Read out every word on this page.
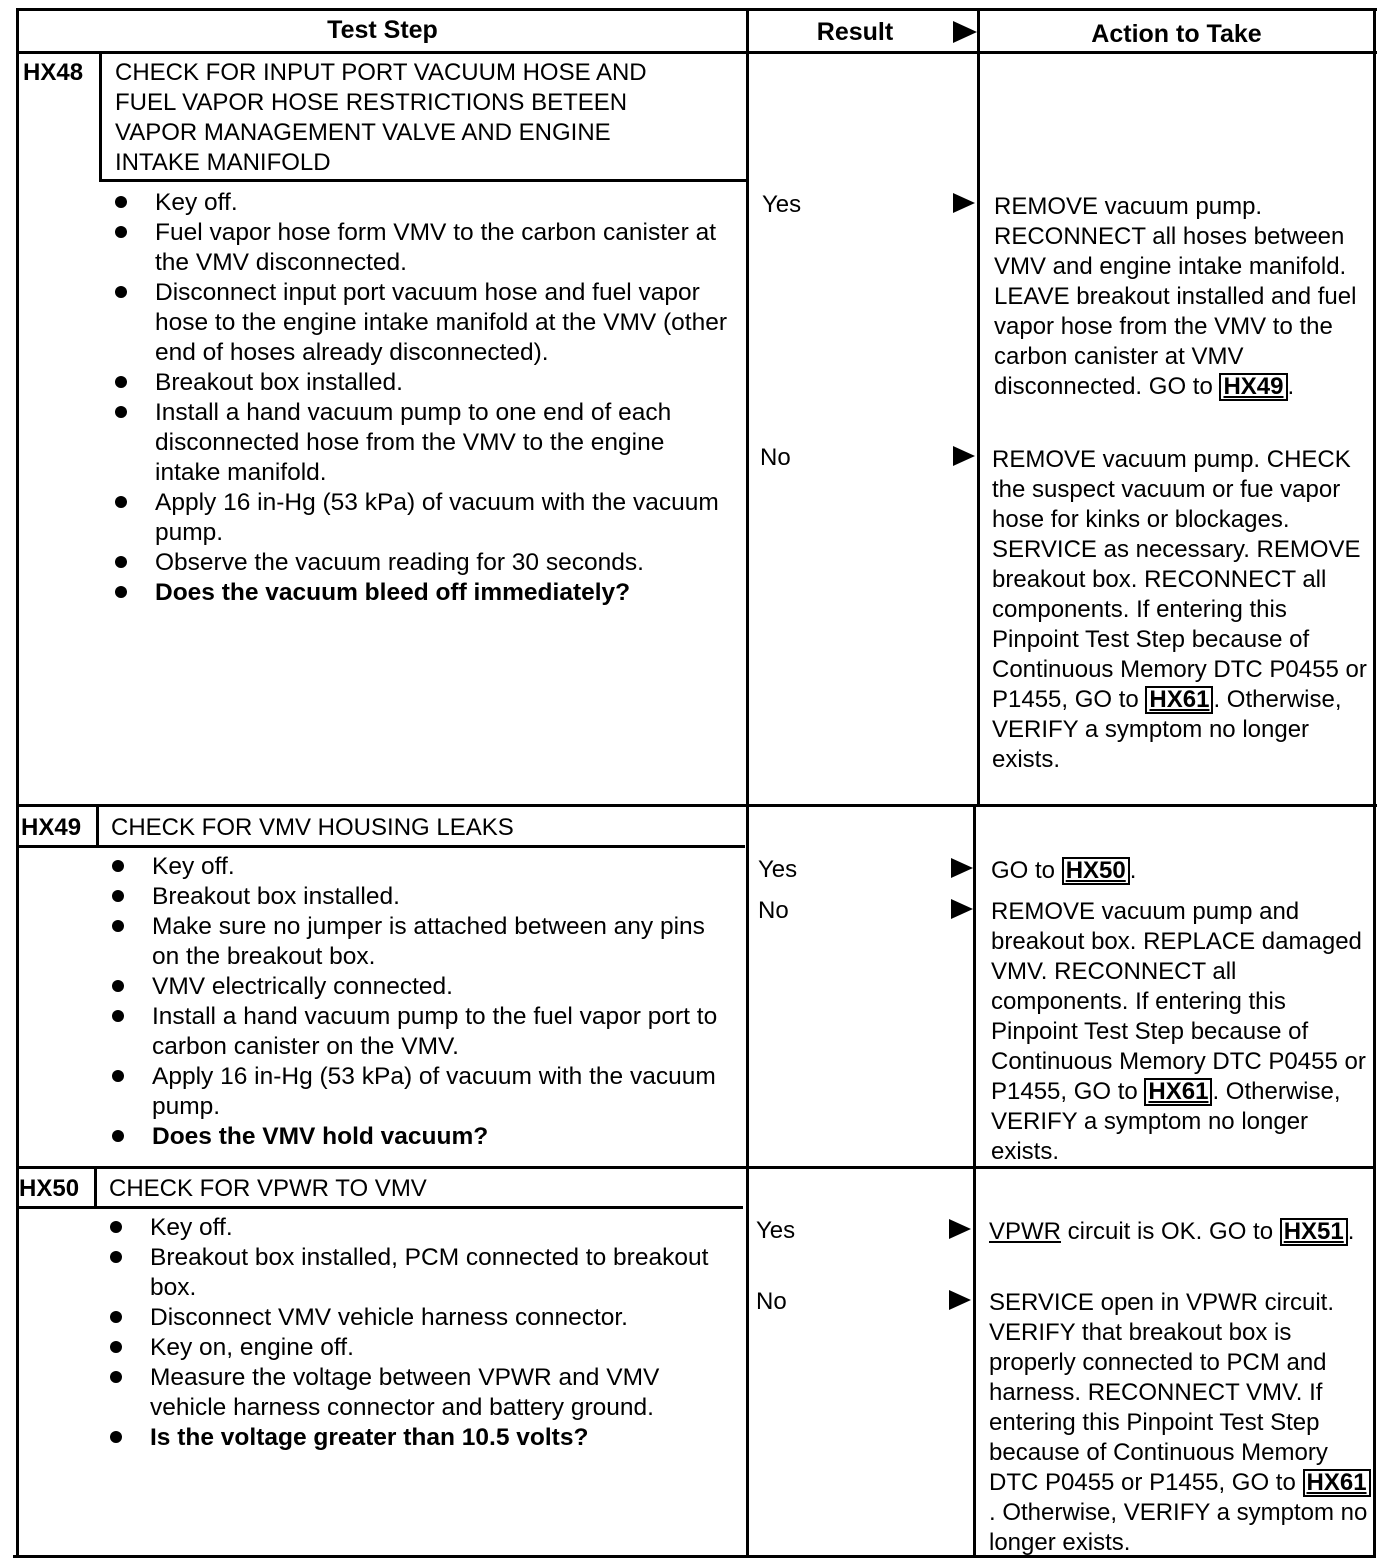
Test Step	Result	Action to Take
HX48 CHECK FOR INPUT PORT VACUUM HOSE AND
FUEL VAPOR HOSE RESTRICTIONS BETEEN
VAPOR MANAGEMENT VALVE AND ENGINE
INTAKE MANIFOLD
Key off.
Fuel vapor hose form VMV to the carbon canister at the VMV disconnected.
Disconnect input port vacuum hose and fuel vapor hose to the engine intake manifold at the VMV (other end of hoses already disconnected).
Breakout box installed.
Install a hand vacuum pump to one end of each disconnected hose from the VMV to the engine intake manifold.
Apply 16 in-Hg (53 kPa) of vacuum with the vacuum pump.
Observe the vacuum reading for 30 seconds.
Does the vacuum bleed off immediately?
Yes	REMOVE vacuum pump. RECONNECT all hoses between VMV and engine intake manifold. LEAVE breakout installed and fuel vapor hose from the VMV to the carbon canister at VMV disconnected. GO to HX49 .
No	REMOVE vacuum pump. CHECK the suspect vacuum or fue vapor hose for kinks or blockages. SERVICE as necessary. REMOVE breakout box. RECONNECT all components. If entering this Pinpoint Test Step because of Continuous Memory DTC P0455 or P1455, GO to HX61 . Otherwise, VERIFY a symptom no longer exists.
HX49 CHECK FOR VMV HOUSING LEAKS
Key off.
Breakout box installed.
Make sure no jumper is attached between any pins on the breakout box.
VMV electrically connected.
Install a hand vacuum pump to the fuel vapor port to carbon canister on the VMV.
Apply 16 in-Hg (53 kPa) of vacuum with the vacuum pump.
Does the VMV hold vacuum?
Yes	GO to HX50 .
No	REMOVE vacuum pump and breakout box. REPLACE damaged VMV. RECONNECT all components. If entering this Pinpoint Test Step because of Continuous Memory DTC P0455 or P1455, GO to HX61 . Otherwise, VERIFY a symptom no longer exists.
HX50 CHECK FOR VPWR TO VMV
Key off.
Breakout box installed, PCM connected to breakout box.
Disconnect VMV vehicle harness connector.
Key on, engine off.
Measure the voltage between VPWR and VMV vehicle harness connector and battery ground.
Is the voltage greater than 10.5 volts?
Yes	VPWR circuit is OK. GO to HX51 .
No	SERVICE open in VPWR circuit. VERIFY that breakout box is properly connected to PCM and harness. RECONNECT VMV. If entering this Pinpoint Test Step because of Continuous Memory DTC P0455 or P1455, GO to HX61. Otherwise, VERIFY a symptom no longer exists.
